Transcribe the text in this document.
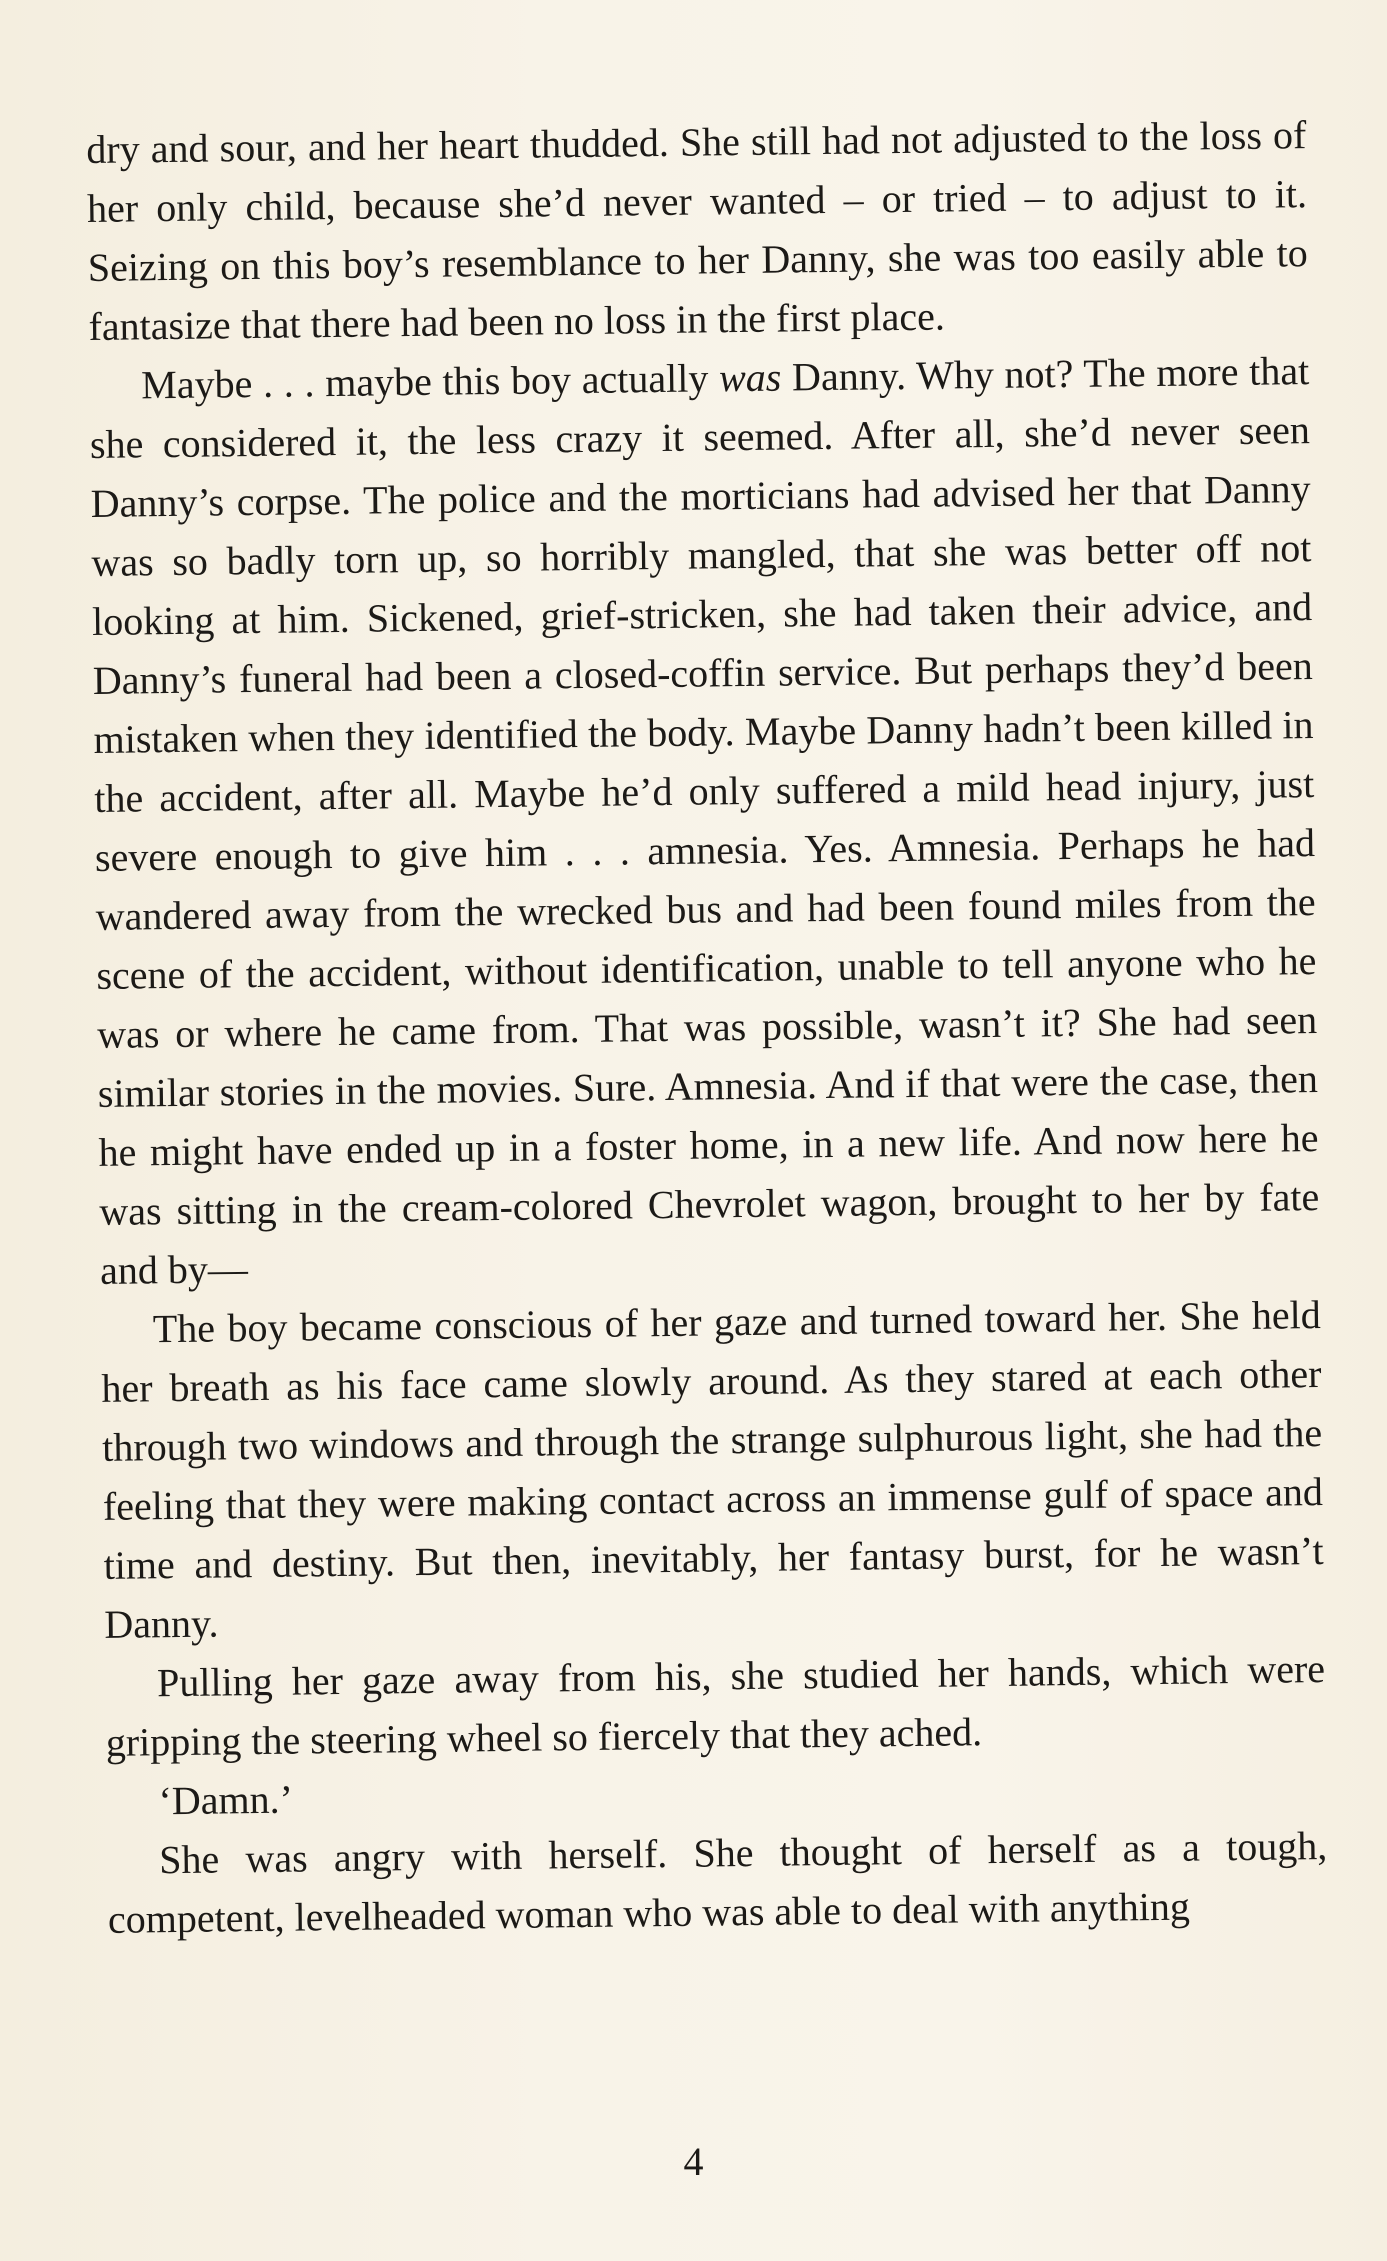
dry and sour, and her heart thudded. She still had not adjusted to the loss of her only child, because she’d never wanted – or tried – to adjust to it. Seizing on this boy’s resemblance to her Danny, she was too easily able to fantasize that there had been no loss in the first place.

Maybe . . . maybe this boy actually was Danny. Why not? The more that she considered it, the less crazy it seemed. After all, she’d never seen Danny’s corpse. The police and the morticians had advised her that Danny was so badly torn up, so horribly mangled, that she was better off not looking at him. Sickened, grief-stricken, she had taken their advice, and Danny’s funeral had been a closed-coffin service. But perhaps they’d been mistaken when they identified the body. Maybe Danny hadn’t been killed in the accident, after all. Maybe he’d only suffered a mild head injury, just severe enough to give him . . . amnesia. Yes. Amnesia. Perhaps he had wandered away from the wrecked bus and had been found miles from the scene of the accident, without identification, unable to tell anyone who he was or where he came from. That was possible, wasn’t it? She had seen similar stories in the movies. Sure. Amnesia. And if that were the case, then he might have ended up in a foster home, in a new life. And now here he was sitting in the cream-colored Chevrolet wagon, brought to her by fate and by—

The boy became conscious of her gaze and turned toward her. She held her breath as his face came slowly around. As they stared at each other through two windows and through the strange sulphurous light, she had the feeling that they were making contact across an immense gulf of space and time and destiny. But then, inevitably, her fantasy burst, for he wasn’t Danny.

Pulling her gaze away from his, she studied her hands, which were gripping the steering wheel so fiercely that they ached.

‘Damn.’

She was angry with herself. She thought of herself as a tough, competent, levelheaded woman who was able to deal with anything

4
